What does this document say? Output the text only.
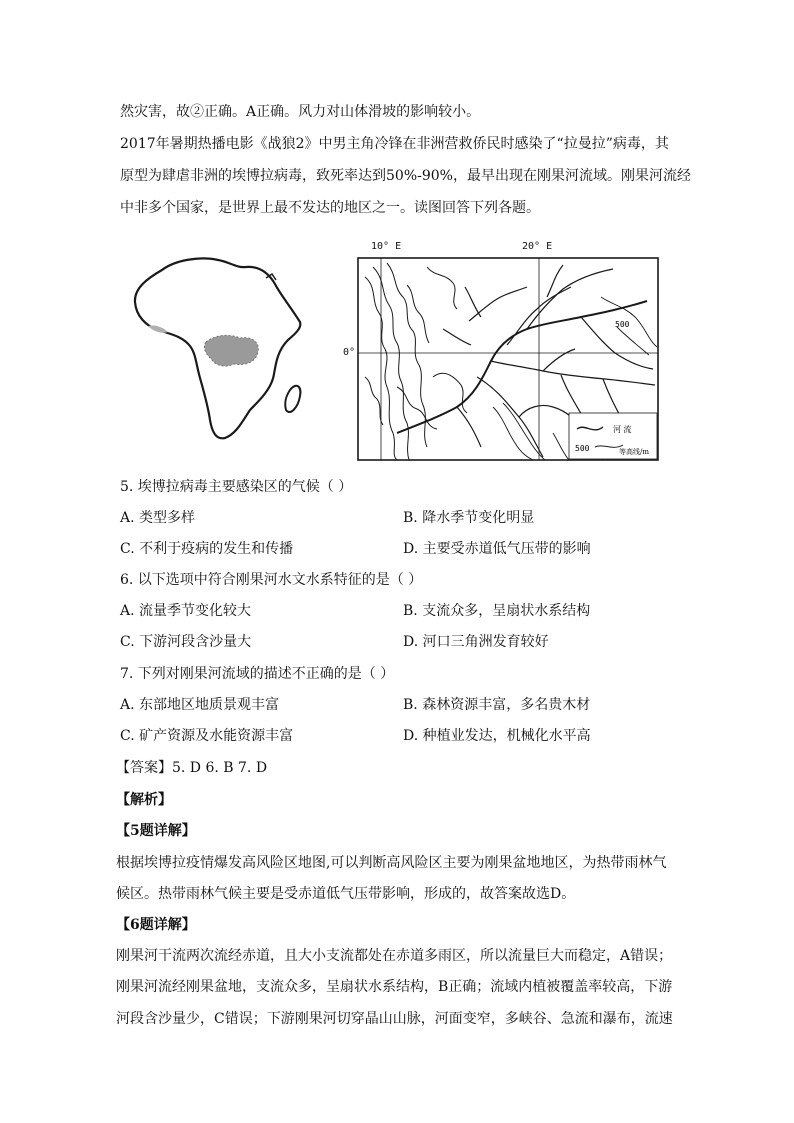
然灾害，故②正确。A正确。风力对山体滑坡的影响较小。
2017年暑期热播电影《战狼2》中男主角冷锋在非洲营救侨民时感染了“拉曼拉”病毒，其
原型为肆虐非洲的埃博拉病毒，致死率达到50%-90%，最早出现在刚果河流域。刚果河流经
中非多个国家，是世界上最不发达的地区之一。读图回答下列各题。
10° E	20° E
0°
500
河 流
500	等高线/m
5. 埃博拉病毒主要感染区的气候（ ）
A. 类型多样	B. 降水季节变化明显
C. 不利于疫病的发生和传播	D. 主要受赤道低气压带的影响
6. 以下选项中符合刚果河水文水系特征的是（ ）
A. 流量季节变化较大	B. 支流众多，呈扇状水系结构
C. 下游河段含沙量大	D. 河口三角洲发育较好
7. 下列对刚果河流域的描述不正确的是（ ）
A. 东部地区地质景观丰富	B. 森林资源丰富，多名贵木材
C. 矿产资源及水能资源丰富	D. 种植业发达，机械化水平高
【答案】5. D 6. B 7. D
【解析】
【5题详解】
根据埃博拉疫情爆发高风险区地图,可以判断高风险区主要为刚果盆地地区，为热带雨林气
候区。热带雨林气候主要是受赤道低气压带影响，形成的，故答案故选D。
【6题详解】
刚果河干流两次流经赤道，且大小支流都处在赤道多雨区，所以流量巨大而稳定，A错误；
刚果河流经刚果盆地，支流众多，呈扇状水系结构，B正确；流域内植被覆盖率较高，下游
河段含沙量少，C错误；下游刚果河切穿晶山山脉，河面变窄，多峡谷、急流和瀑布，流速
